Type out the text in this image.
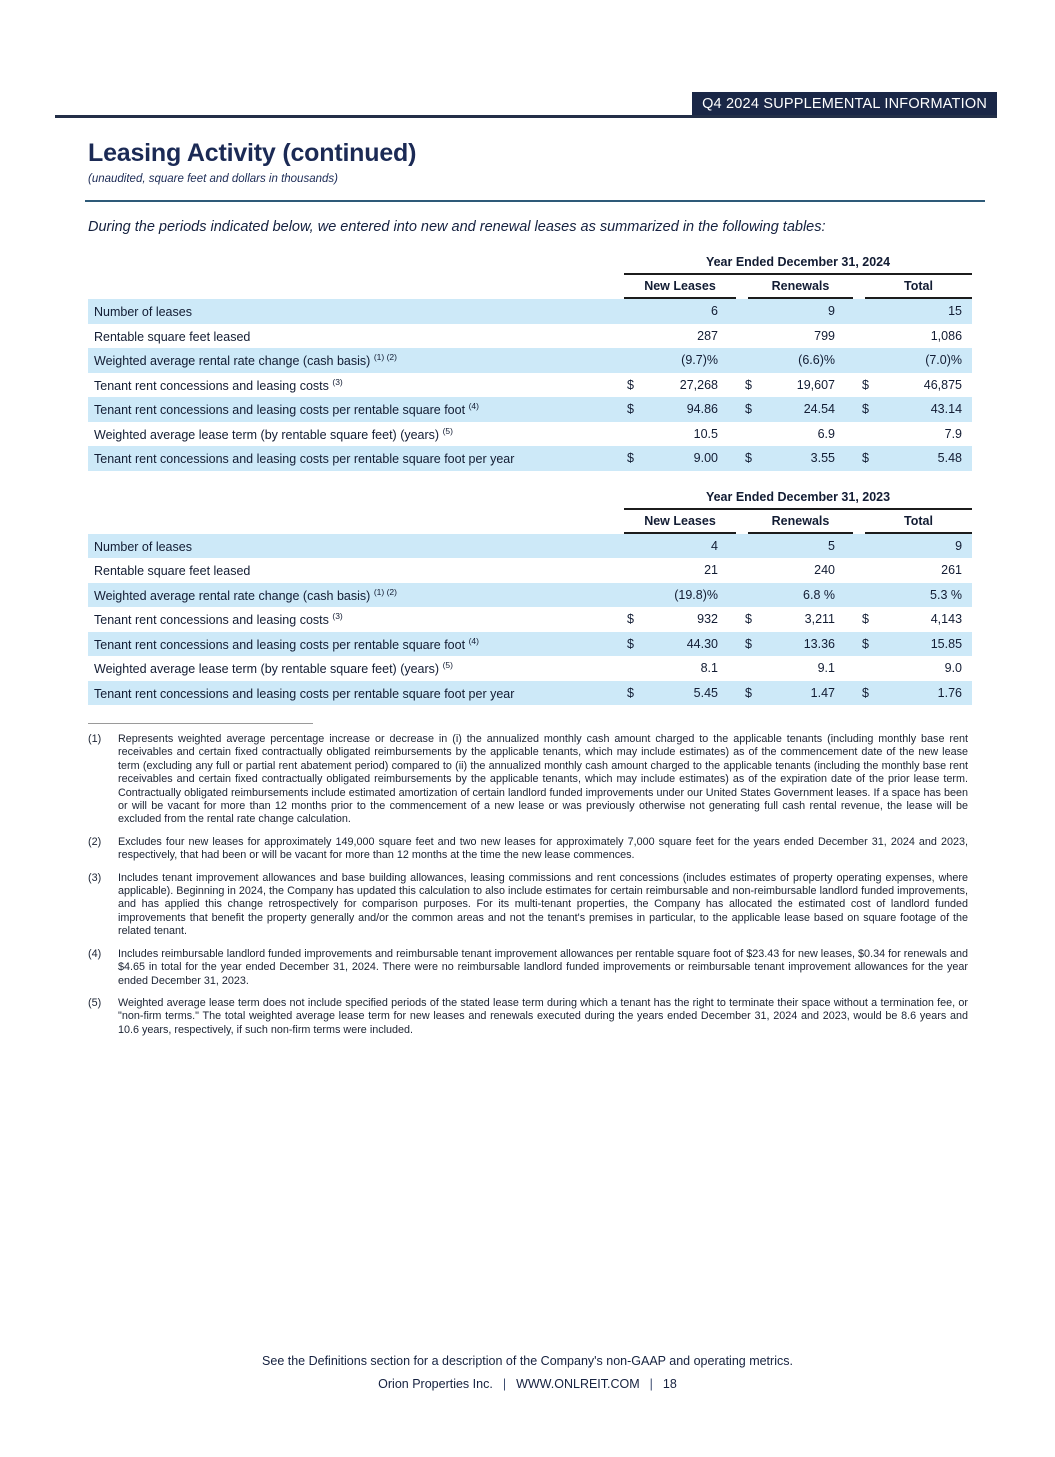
Q4 2024 SUPPLEMENTAL INFORMATION
Leasing Activity (continued)
(unaudited, square feet and dollars in thousands)
During the periods indicated below, we entered into new and renewal leases as summarized in the following tables:
	Year Ended December 31, 2024					

	New Leases		Renewals		Total	

Number of leases		6		9		15
Rentable square feet leased		287		799		1,086
Weighted average rental rate change (cash basis) $^{(1) (2)}$		(9.7)%		(6.6)%		(7.0)%
Tenant rent concessions and leasing costs $^{(3)}$	$	27,268	$	19,607	$	46,875
Tenant rent concessions and leasing costs per rentable square foot $^{(4)}$	$	94.86	$	24.54	$	43.14
Weighted average lease term (by rentable square feet) (years) $^{(5)}$		10.5		6.9		7.9
Tenant rent concessions and leasing costs per rentable square foot per year	$	9.00	$	3.55	$	5.48
	Year Ended December 31, 2023					

	New Leases		Renewals		Total	

Number of leases		4		5		9
Rentable square feet leased		21		240		261
Weighted average rental rate change (cash basis) $^{(1) (2)}$		(19.8)%		6.8 %		5.3 %
Tenant rent concessions and leasing costs $^{(3)}$	$	932	$	3,211	$	4,143
Tenant rent concessions and leasing costs per rentable square foot $^{(4)}$	$	44.30	$	13.36	$	15.85
Weighted average lease term (by rentable square feet) (years) $^{(5)}$		8.1		9.1		9.0
Tenant rent concessions and leasing costs per rentable square foot per year	$	5.45	$	1.47	$	1.76
(1)	Represents weighted average percentage increase or decrease in (i) the annualized monthly cash amount charged to the applicable tenants (including monthly base rent receivables and certain fixed contractually obligated reimbursements by the applicable tenants, which may include estimates) as of the commencement date of the new lease term (excluding any full or partial rent abatement period) compared to (ii) the annualized monthly cash amount charged to the applicable tenants (including the monthly base rent receivables and certain fixed contractually obligated reimbursements by the applicable tenants, which may include estimates) as of the expiration date of the prior lease term. Contractually obligated reimbursements include estimated amortization of certain landlord funded improvements under our United States Government leases. If a space has been or will be vacant for more than 12 months prior to the commencement of a new lease or was previously otherwise not generating full cash rental revenue, the lease will be excluded from the rental rate change calculation.

(2)	Excludes four new leases for approximately 149,000 square feet and two new leases for approximately 7,000 square feet for the years ended December 31, 2024 and 2023, respectively, that had been or will be vacant for more than 12 months at the time the new lease commences.

(3)	Includes tenant improvement allowances and base building allowances, leasing commissions and rent concessions (includes estimates of property operating expenses, where applicable). Beginning in 2024, the Company has updated this calculation to also include estimates for certain reimbursable and non-reimbursable landlord funded improvements, and has applied this change retrospectively for comparison purposes. For its multi-tenant properties, the Company has allocated the estimated cost of landlord funded improvements that benefit the property generally and/or the common areas and not the tenant's premises in particular, to the applicable lease based on square footage of the related tenant.

(4)	Includes reimbursable landlord funded improvements and reimbursable tenant improvement allowances per rentable square foot of $23.43 for new leases, $0.34 for renewals and $4.65 in total for the year ended December 31, 2024. There were no reimbursable landlord funded improvements or reimbursable tenant improvement allowances for the year ended December 31, 2023.

(5)	Weighted average lease term does not include specified periods of the stated lease term during which a tenant has the right to terminate their space without a termination fee, or "non-firm terms." The total weighted average lease term for new leases and renewals executed during the years ended December 31, 2024 and 2023, would be 8.6 years and 10.6 years, respectively, if such non-firm terms were included.

See the Definitions section for a description of the Company's non-GAAP and operating metrics.
Orion Properties Inc. | WWW.ONLREIT.COM | 18
